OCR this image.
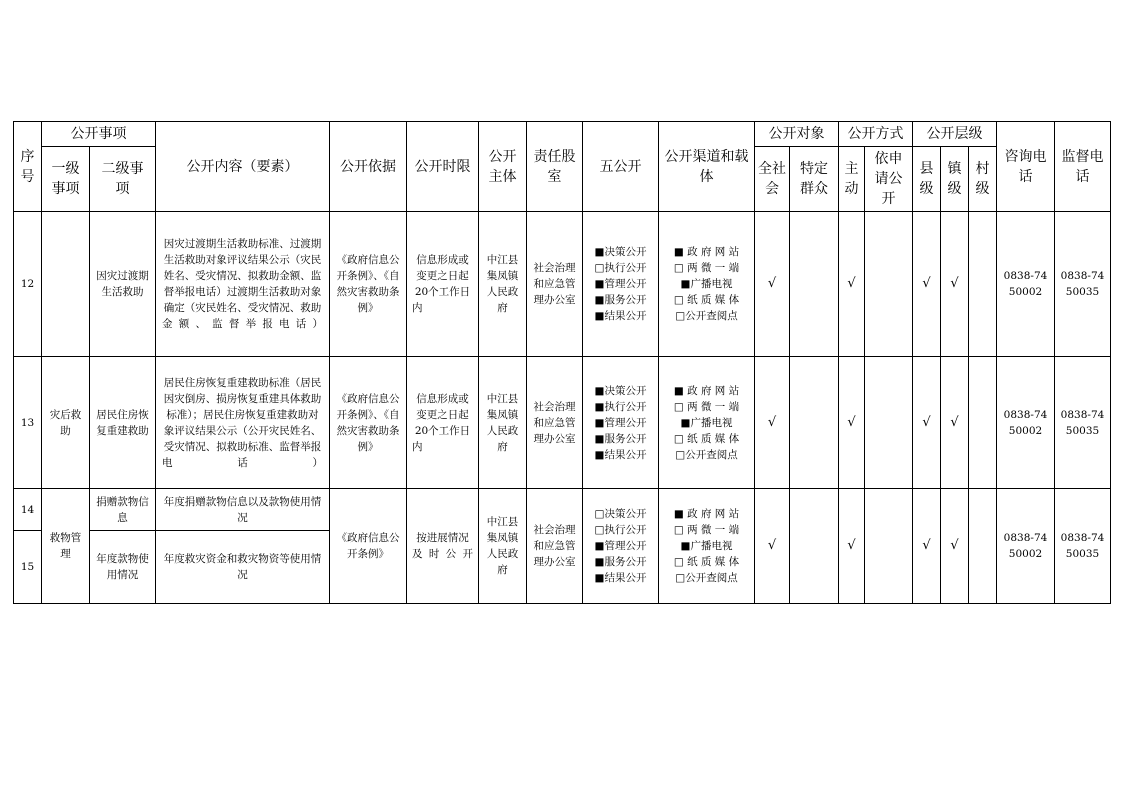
序号	公开事项		公开内容（要素）	公开依据	公开时限	公开主体	责任股室	五公开	公开渠道和载体	公开对象		公开方式		公开层级			咨询电话	监督电话
	一级事项	二级事项								全社会	特定群众	主动	依申请公开	县级	镇级	村级		
12		因灾过渡期生活救助	因灾过渡期生活救助标准、过渡期生活救助对象评议结果公示（灾民姓名、受灾情况、拟救助金额、监督举报电话）过渡期生活救助对象确定（灾民姓名、受灾情况、救助金额、监督举报电话）	《政府信息公开条例》、《自然灾害救助条例》	信息形成或变更之日起20个工作日内	中江县集凤镇人民政府	社会治理和应急管理办公室	■决策公开
□执行公开
■管理公开
■服务公开
■结果公开	■ 政 府 网 站
□ 两 微 一 端
■广播电视
□ 纸 质 媒 体
□公开查阅点	√		√		√	√		0838-7450002	0838-7450035
13	灾后救助	居民住房恢复重建救助	居民住房恢复重建救助标准（居民因灾倒房、损房恢复重建具体救助标准）；居民住房恢复重建救助对象评议结果公示（公开灾民姓名、受灾情况、拟救助标准、监督举报电话）	《政府信息公开条例》、《自然灾害救助条例》	信息形成或变更之日起20个工作日内	中江县集凤镇人民政府	社会治理和应急管理办公室	■决策公开
■执行公开
■管理公开
■服务公开
■结果公开	■ 政 府 网 站
□ 两 微 一 端
■广播电视
□ 纸 质 媒 体
□公开查阅点	√		√		√	√		0838-7450002	0838-7450035
14	救物管理	捐赠款物信息	年度捐赠款物信息以及款物使用情况	《政府信息公开条例》	按进展情况及时公开	中江县集凤镇人民政府	社会治理和应急管理办公室	□决策公开
□执行公开
■管理公开
■服务公开
■结果公开	■ 政 府 网 站
□ 两 微 一 端
■广播电视
□ 纸 质 媒 体
□公开查阅点	√		√		√	√		0838-7450002	0838-7450035
15		年度款物使用情况	年度救灾资金和救灾物资等使用情况															
